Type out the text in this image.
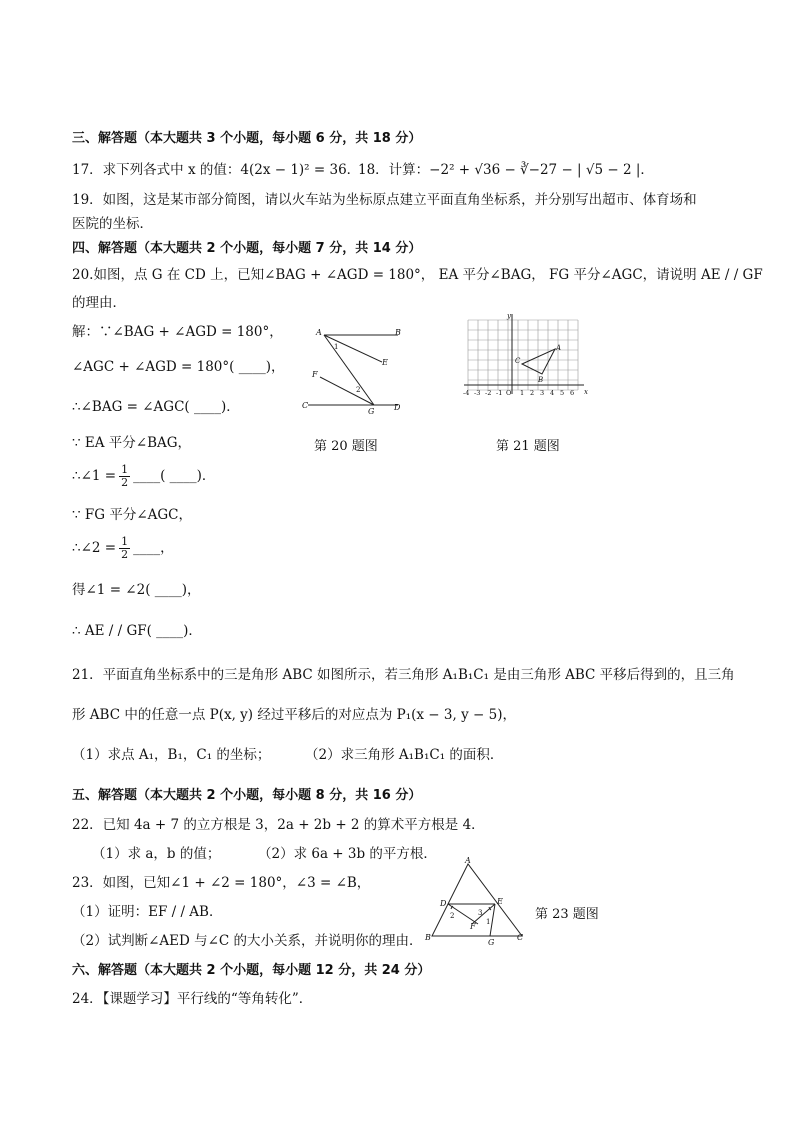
三、解答题（本大题共 3 个小题，每小题 6 分，共 18 分）
17．求下列各式中 x 的值：4(2x − 1)² = 36．
18．计算：−2² + √36 − ∛−27 − | √5 − 2 |．
19．如图，这是某市部分简图，请以火车站为坐标原点建立平面直角坐标系，并分别写出超市、体育场和
医院的坐标．
四、解答题（本大题共 2 个小题，每小题 7 分，共 14 分）
20.如图，点 G 在 CD 上，已知∠BAG + ∠AGD = 180°， EA 平分∠BAG， FG 平分∠AGC，请说明 AE / / GF
的理由．
解：∵∠BAG + ∠AGD = 180°，
∠AGC + ∠AGD = 180°( ____)，
∴∠BAG = ∠AGC( ____)．
∵ EA 平分∠BAG，
∴∠1 = $\frac{1}{2}$ ____( ____)．
∵ FG 平分∠AGC，
∴∠2 = $\frac{1}{2}$ ____，
得∠1 = ∠2( ____)，
∴ AE / / GF( ____)．
A	B
E
F
C
G D
1
2
第 20 题图
y
x
A
C
B
-4 -3 -2 -1 O 1 2 3 4 5 6
第 21 题图
21．平面直角坐标系中的三是角形 ABC 如图所示，若三角形 A₁B₁C₁ 是由三角形 ABC 平移后得到的，且三角
形 ABC 中的任意一点 P(x, y) 经过平移后的对应点为 P₁(x − 3, y − 5)，
（1）求点 A₁，B₁，C₁ 的坐标；	（2）求三角形 A₁B₁C₁ 的面积．
五、解答题（本大题共 2 个小题，每小题 8 分，共 16 分）
22．已知 4a + 7 的立方根是 3，2a + 2b + 2 的算术平方根是 4．
（1）求 a，b 的值；	（2）求 6a + 3b 的平方根．
23．如图，已知∠1 + ∠2 = 180°，∠3 = ∠B，
（1）证明：EF / / AB．
（2）试判断∠AED 与∠C 的大小关系，并说明你的理由．
A
D	E
B	C
F
G
2	3
1	第 23 题图
六、解答题（本大题共 2 个小题，每小题 12 分，共 24 分）
24．【课题学习】平行线的“等角转化”．
